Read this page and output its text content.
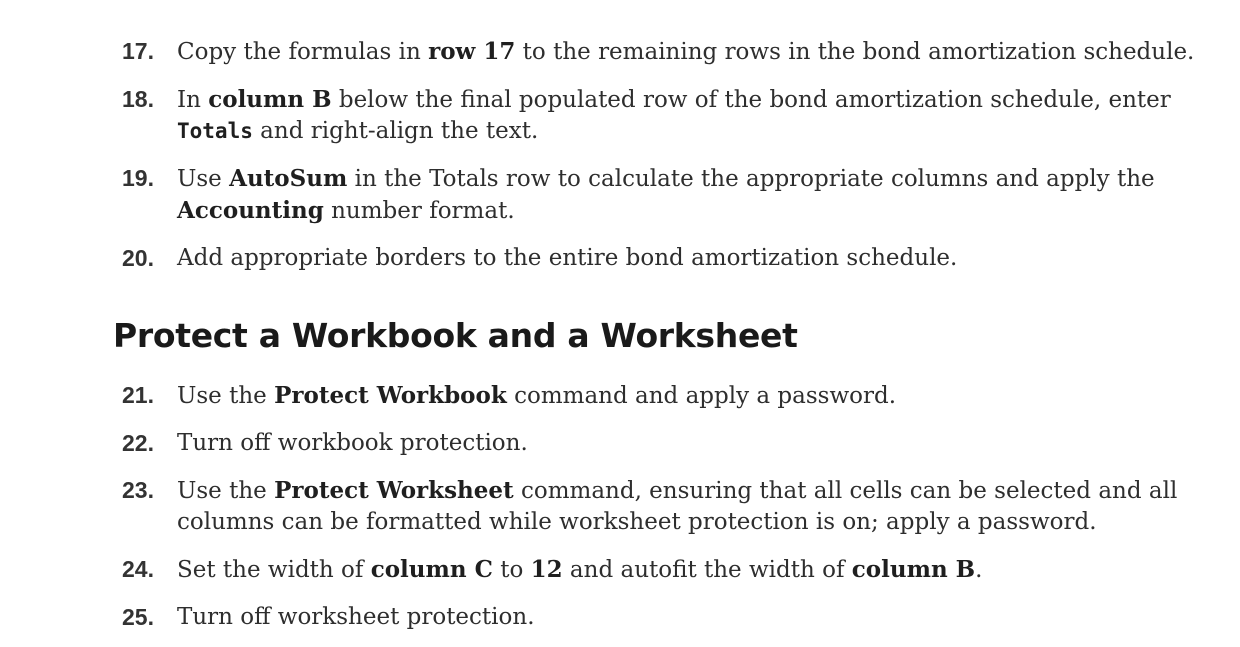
17. Copy the formulas in row 17 to the remaining rows in the bond amortization schedule.
18. In column B below the final populated row of the bond amortization schedule, enter
Totals and right-align the text.
19. Use AutoSum in the Totals row to calculate the appropriate columns and apply the
Accounting number format.
20. Add appropriate borders to the entire bond amortization schedule.
Protect a Workbook and a Worksheet
21. Use the Protect Workbook command and apply a password.
22. Turn off workbook protection.
23. Use the Protect Worksheet command, ensuring that all cells can be selected and all columns can be formatted while worksheet protection is on; apply a password.
24. Set the width of column C to 12 and autofit the width of column B.
25. Turn off worksheet protection.
